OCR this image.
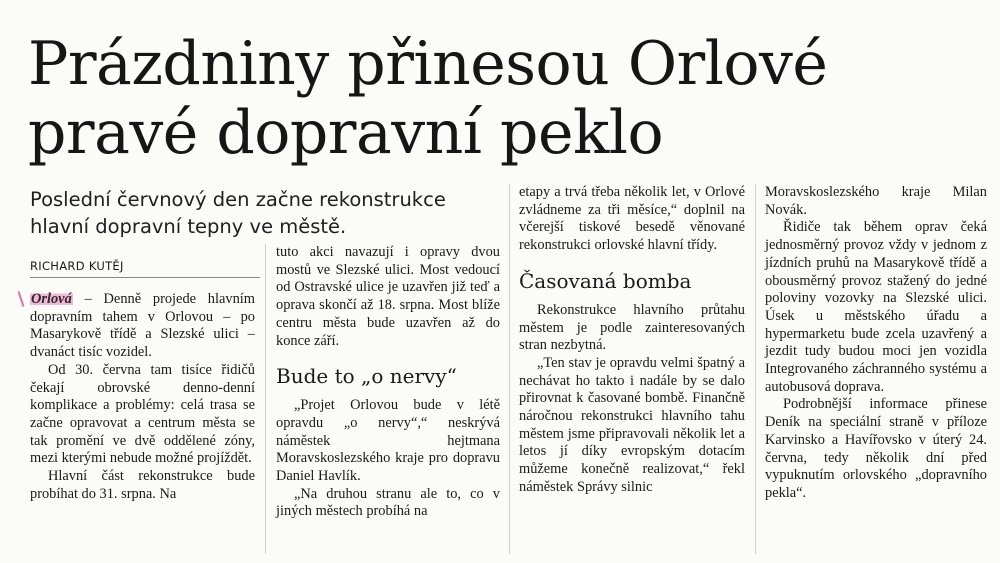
Prázdniny přinesou Orlové
pravé dopravní peklo
Poslední červnový den začne rekonstrukce
hlavní dopravní tepny ve městě.
RICHARD KUTĚJ

Orlová – Denně projede hlavním dopravním tahem v Orlovou – po Masarykově třídě a Slezské ulici – dvanáct tisíc vozidel.

Od 30. června tam tisíce řidičů čekají obrovské denno-denní komplikace a problémy: celá trasa se začne opravovat a centrum města se tak promění ve dvě oddělené zóny, mezi kterými nebude možné projíždět.

Hlavní část rekonstrukce bude probíhat do 31. srpna. Na

tuto akci navazují i opravy dvou mostů ve Slezské ulici. Most vedoucí od Ostravské ulice je uzavřen již teď a oprava skončí až 18. srpna. Most blíže centru města bude uzavřen až do konce září.

Bude to „o nervy“

„Projet Orlovou bude v létě opravdu „o nervy“,“ neskrývá náměstek hejtmana Moravskoslezského kraje pro dopravu Daniel Havlík.

„Na druhou stranu ale to, co v jiných městech probíhá na

etapy a trvá třeba několik let, v Orlové zvládneme za tři měsíce,“ doplnil na včerejší tiskové besedě věnované rekonstrukci orlovské hlavní třídy.

Časovaná bomba

Rekonstrukce hlavního průtahu městem je podle zainteresovaných stran nezbytná.

„Ten stav je opravdu velmi špatný a nechávat ho takto i nadále by se dalo přirovnat k časované bombě. Finančně náročnou rekonstrukci hlavního tahu městem jsme připravovali několik let a letos jí díky evropským dotacím můžeme konečně realizovat,“ řekl náměstek Správy silnic

Moravskoslezského kraje Milan Novák.

Řidiče tak během oprav čeká jednosměrný provoz vždy v jednom z jízdních pruhů na Masarykově třídě a obousměrný provoz stažený do jedné poloviny vozovky na Slezské ulici. Úsek u městského úřadu a hypermarketu bude zcela uzavřený a jezdit tudy budou moci jen vozidla Integrovaného záchranného systému a autobusová doprava.

Podrobnější informace přinese Deník na speciální straně v příloze Karvinsko a Havířovsko v úterý 24. června, tedy několik dní před vypuknutím orlovského „dopravního pekla“.
